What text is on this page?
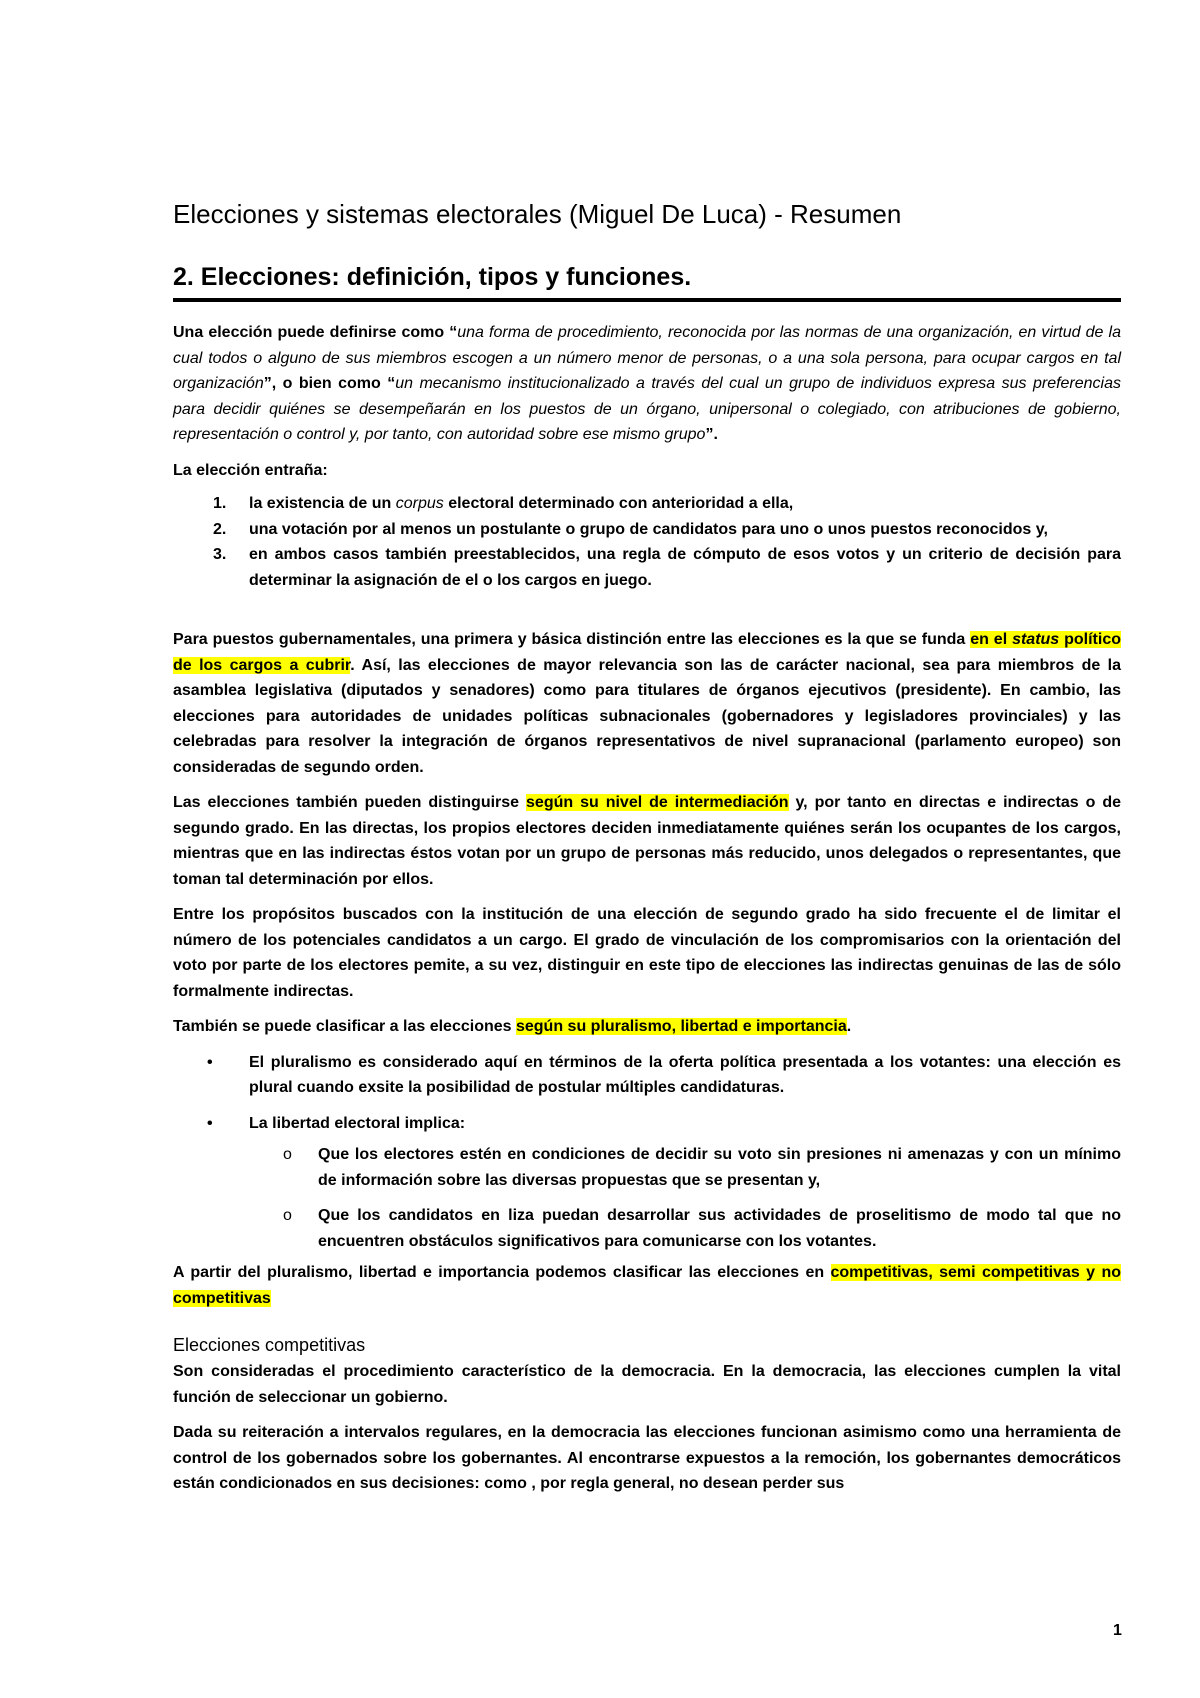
Elecciones y sistemas electorales (Miguel De Luca) - Resumen
2. Elecciones: definición, tipos y funciones.

Una elección puede definirse como “una forma de procedimiento, reconocida por las normas de una organización, en virtud de la cual todos o alguno de sus miembros escogen a un número menor de personas, o a una sola persona, para ocupar cargos en tal organización”, o bien como “un mecanismo institucionalizado a través del cual un grupo de individuos expresa sus preferencias para decidir quiénes se desempeñarán en los puestos de un órgano, unipersonal o colegiado, con atribuciones de gobierno, representación o control y, por tanto, con autoridad sobre ese mismo grupo”.

La elección entraña:

1. la existencia de un corpus electoral determinado con anterioridad a ella,
2. una votación por al menos un postulante o grupo de candidatos para uno o unos puestos reconocidos y,
3. en ambos casos también preestablecidos, una regla de cómputo de esos votos y un criterio de decisión para determinar la asignación de el o los cargos en juego.

Para puestos gubernamentales, una primera y básica distinción entre las elecciones es la que se funda en el status político de los cargos a cubrir. Así, las elecciones de mayor relevancia son las de carácter nacional, sea para miembros de la asamblea legislativa (diputados y senadores) como para titulares de órganos ejecutivos (presidente). En cambio, las elecciones para autoridades de unidades políticas subnacionales (gobernadores y legisladores provinciales) y las celebradas para resolver la integración de órganos representativos de nivel supranacional (parlamento europeo) son consideradas de segundo orden.

Las elecciones también pueden distinguirse según su nivel de intermediación y, por tanto en directas e indirectas o de segundo grado. En las directas, los propios electores deciden inmediatamente quiénes serán los ocupantes de los cargos, mientras que en las indirectas éstos votan por un grupo de personas más reducido, unos delegados o representantes, que toman tal determinación por ellos.

Entre los propósitos buscados con la institución de una elección de segundo grado ha sido frecuente el de limitar el número de los potenciales candidatos a un cargo. El grado de vinculación de los compromisarios con la orientación del voto por parte de los electores pemite, a su vez, distinguir en este tipo de elecciones las indirectas genuinas de las de sólo formalmente indirectas.

También se puede clasificar a las elecciones según su pluralismo, libertad e importancia.

• El pluralismo es considerado aquí en términos de la oferta política presentada a los votantes: una elección es plural cuando exsite la posibilidad de postular múltiples candidaturas.
• La libertad electoral implica:
o Que los electores estén en condiciones de decidir su voto sin presiones ni amenazas y con un mínimo de información sobre las diversas propuestas que se presentan y,
o Que los candidatos en liza puedan desarrollar sus actividades de proselitismo de modo tal que no encuentren obstáculos significativos para comunicarse con los votantes.

A partir del pluralismo, libertad e importancia podemos clasificar las elecciones en competitivas, semi competitivas y no competitivas

Elecciones competitivas

Son consideradas el procedimiento característico de la democracia. En la democracia, las elecciones cumplen la vital función de seleccionar un gobierno.

Dada su reiteración a intervalos regulares, en la democracia las elecciones funcionan asimismo como una herramienta de control de los gobernados sobre los gobernantes. Al encontrarse expuestos a la remoción, los gobernantes democráticos están condicionados en sus decisiones: como , por regla general, no desean perder sus

1
